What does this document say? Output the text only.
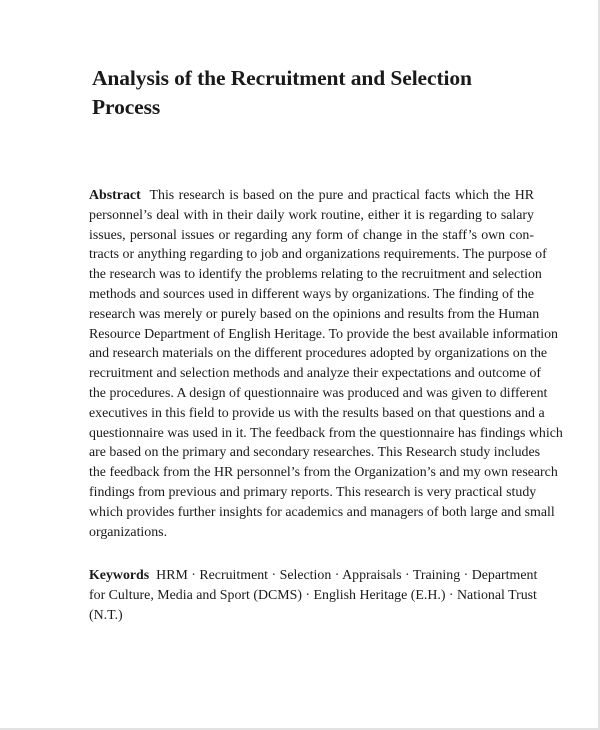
Analysis of the Recruitment and Selection
Process
Abstract This research is based on the pure and practical facts which the HR
personnel’s deal with in their daily work routine, either it is regarding to salary
issues, personal issues or regarding any form of change in the staff’s own con-
tracts or anything regarding to job and organizations requirements. The purpose of
the research was to identify the problems relating to the recruitment and selection
methods and sources used in different ways by organizations. The finding of the
research was merely or purely based on the opinions and results from the Human
Resource Department of English Heritage. To provide the best available information
and research materials on the different procedures adopted by organizations on the
recruitment and selection methods and analyze their expectations and outcome of
the procedures. A design of questionnaire was produced and was given to different
executives in this field to provide us with the results based on that questions and a
questionnaire was used in it. The feedback from the questionnaire has findings which
are based on the primary and secondary researches. This Research study includes
the feedback from the HR personnel’s from the Organization’s and my own research
findings from previous and primary reports. This research is very practical study
which provides further insights for academics and managers of both large and small
organizations.
Keywords HRM · Recruitment · Selection · Appraisals · Training · Department
for Culture, Media and Sport (DCMS) · English Heritage (E.H.) · National Trust
(N.T.)
